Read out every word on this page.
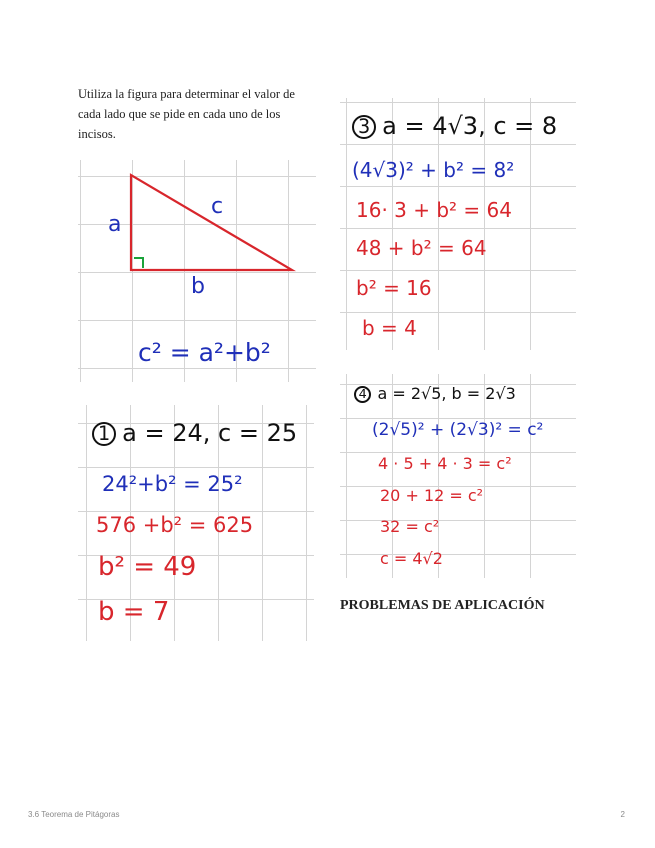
Utiliza la figura para determinar el valor de
cada lado que se pide en cada uno de los
incisos.
a
c
b
c² = a²+b²
1 a = 24, c = 25
24²+b² = 25²
576 +b² = 625
b² = 49
b = 7
3 a = 4√3, c = 8
(4√3)² + b² = 8²
16· 3 + b² = 64
48 + b² = 64
b² = 16
b = 4
4 a = 2√5, b = 2√3
(2√5)² + (2√3)² = c²
4 · 5 + 4 · 3 = c²
20 + 12 = c²
32 = c²
c = 4√2
PROBLEMAS DE APLICACIÓN
3.6 Teorema de Pitágoras	2
